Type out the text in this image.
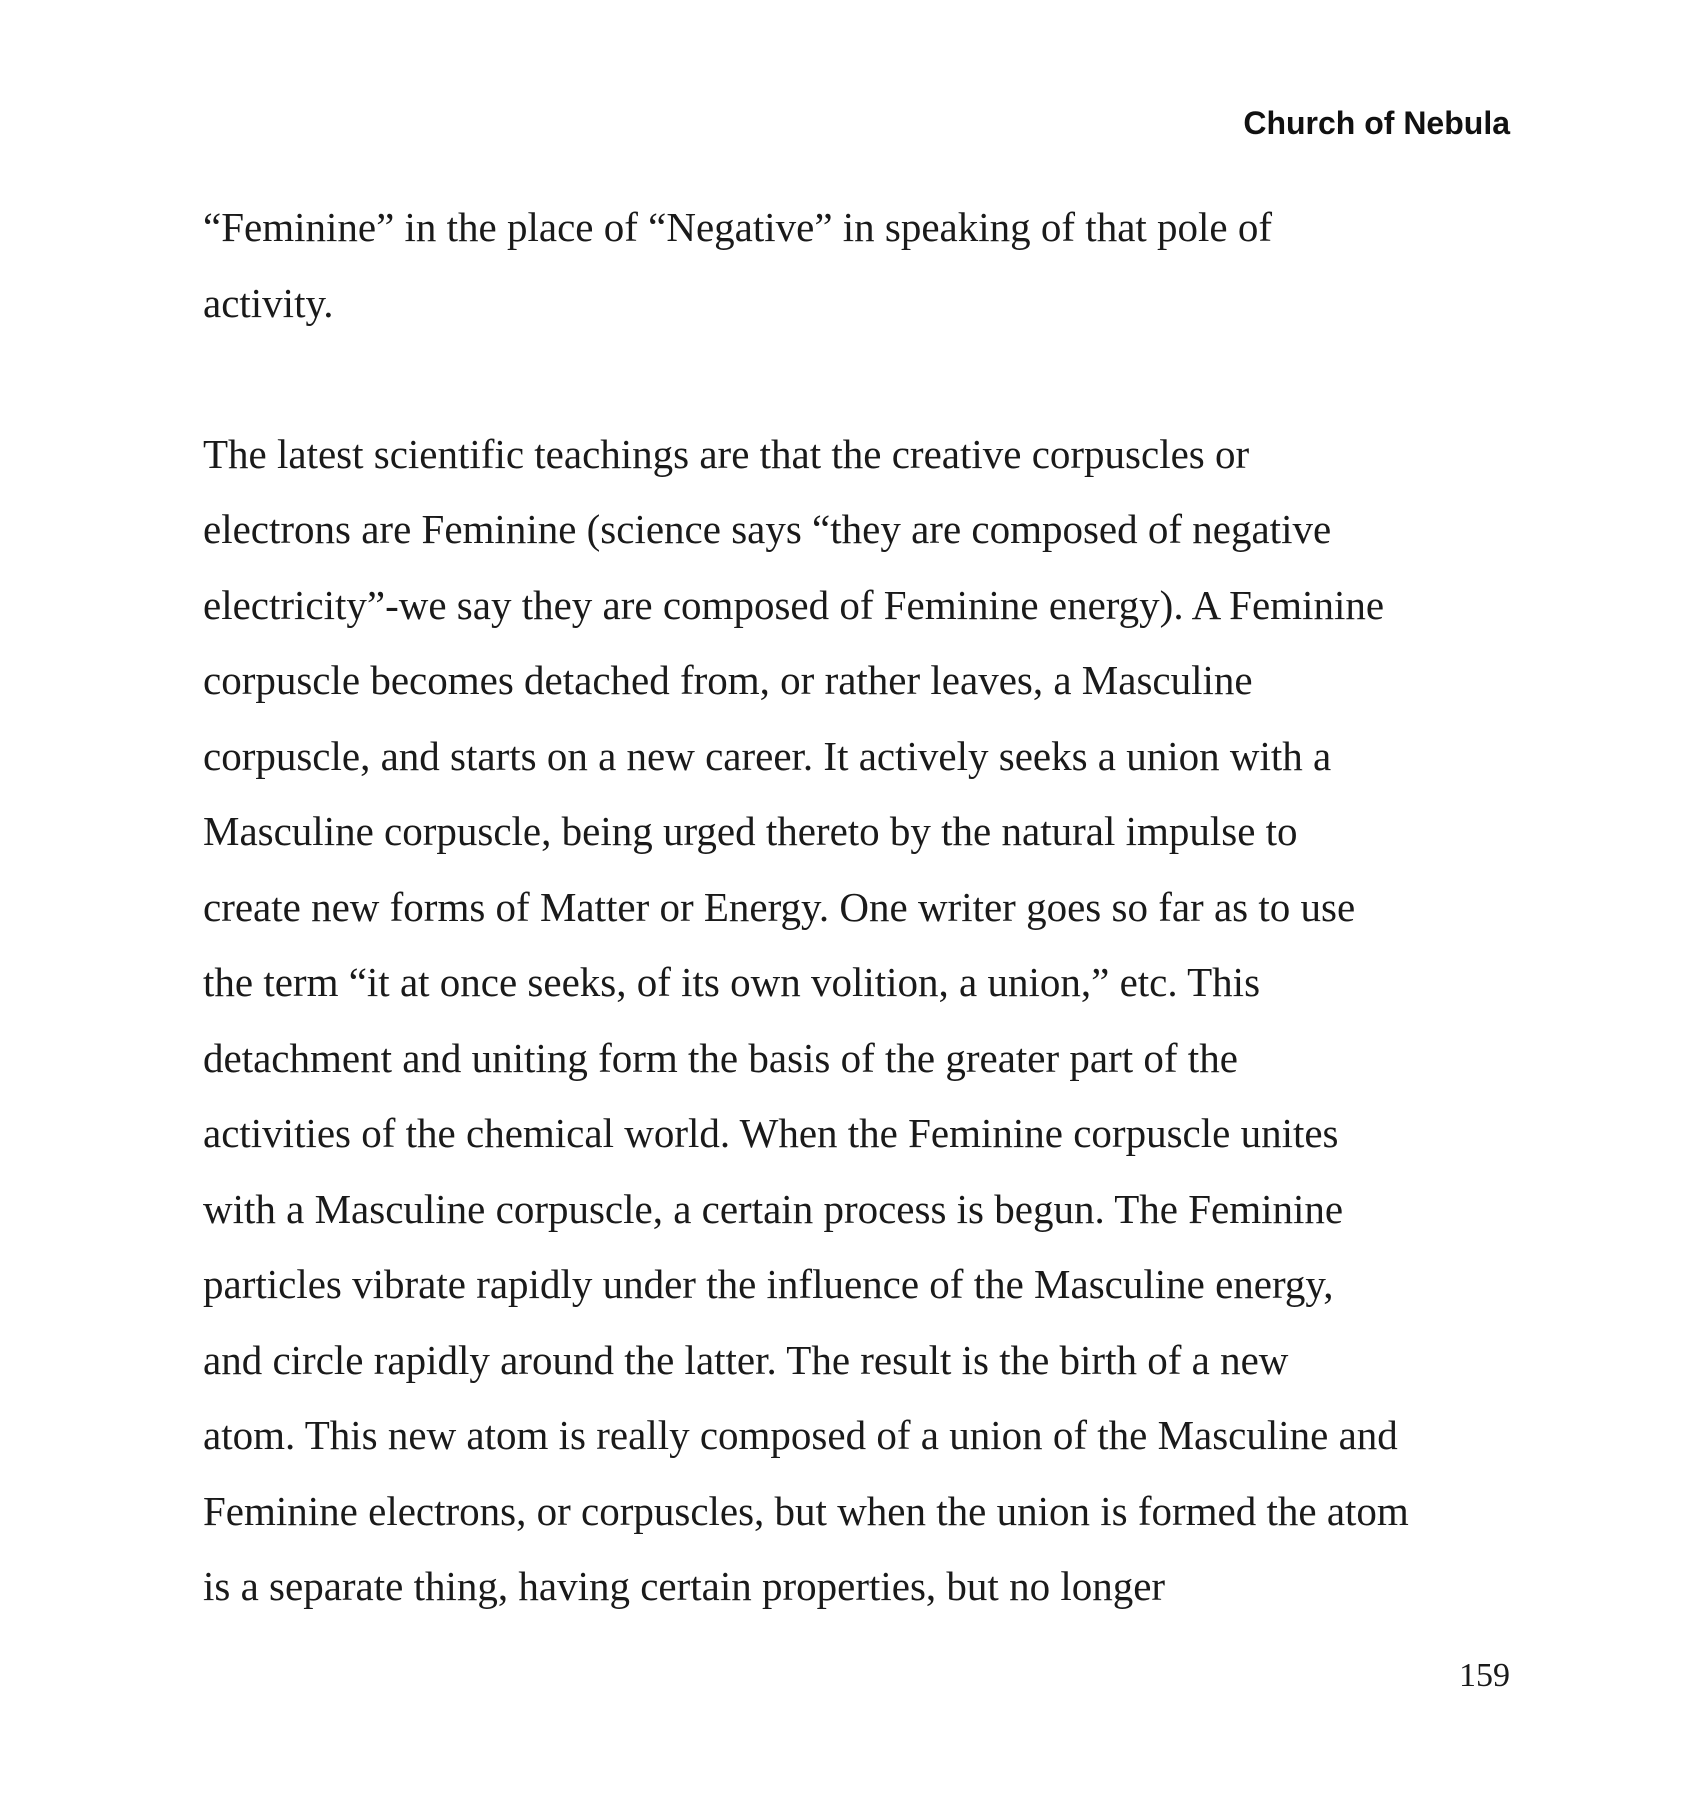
Church of Nebula
“Feminine” in the place of “Negative” in speaking of that pole of
activity.
The latest scientific teachings are that the creative corpuscles or
electrons are Feminine (science says “they are composed of negative
electricity”-we say they are composed of Feminine energy). A Feminine
corpuscle becomes detached from, or rather leaves, a Masculine
corpuscle, and starts on a new career. It actively seeks a union with a
Masculine corpuscle, being urged thereto by the natural impulse to
create new forms of Matter or Energy. One writer goes so far as to use
the term “it at once seeks, of its own volition, a union,” etc. This
detachment and uniting form the basis of the greater part of the
activities of the chemical world. When the Feminine corpuscle unites
with a Masculine corpuscle, a certain process is begun. The Feminine
particles vibrate rapidly under the influence of the Masculine energy,
and circle rapidly around the latter. The result is the birth of a new
atom. This new atom is really composed of a union of the Masculine and
Feminine electrons, or corpuscles, but when the union is formed the atom
is a separate thing, having certain properties, but no longer
159
